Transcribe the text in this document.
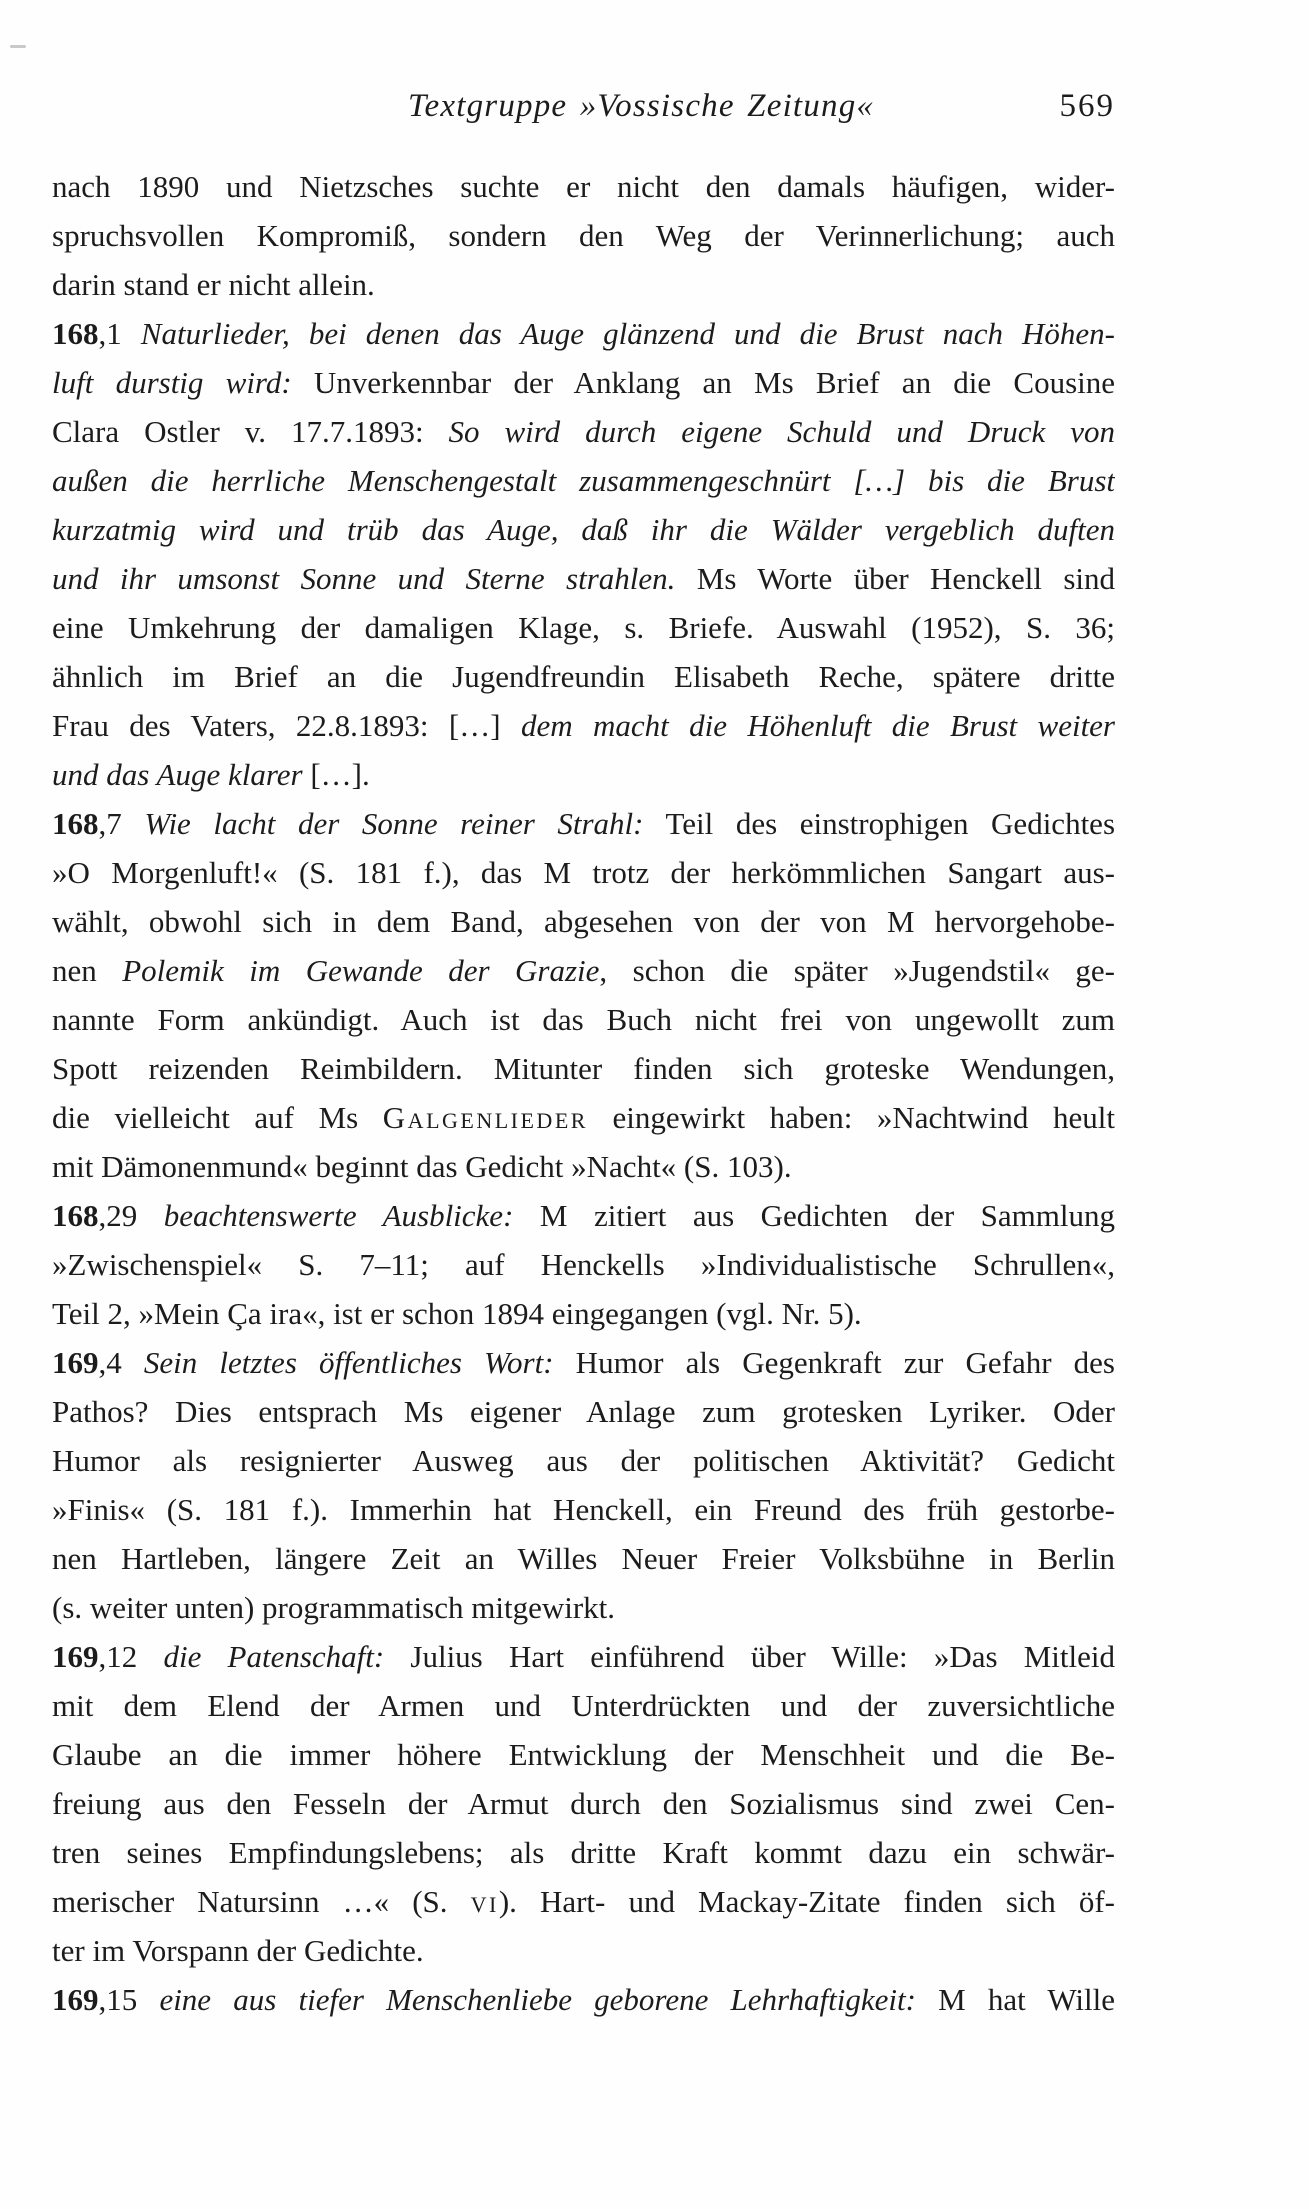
Textgruppe »Vossische Zeitung«	569
nach 1890 und Nietzsches suchte er nicht den damals häufigen, wider-
spruchsvollen Kompromiß, sondern den Weg der Verinnerlichung; auch
darin stand er nicht allein.
168,1 Naturlieder, bei denen das Auge glänzend und die Brust nach Höhen-
luft durstig wird: Unverkennbar der Anklang an Ms Brief an die Cousine
Clara Ostler v. 17.7.1893: So wird durch eigene Schuld und Druck von
außen die herrliche Menschengestalt zusammengeschnürt […] bis die Brust
kurzatmig wird und trüb das Auge, daß ihr die Wälder vergeblich duften
und ihr umsonst Sonne und Sterne strahlen. Ms Worte über Henckell sind
eine Umkehrung der damaligen Klage, s. Briefe. Auswahl (1952), S. 36;
ähnlich im Brief an die Jugendfreundin Elisabeth Reche, spätere dritte
Frau des Vaters, 22.8.1893: […] dem macht die Höhenluft die Brust weiter
und das Auge klarer […].
168,7 Wie lacht der Sonne reiner Strahl: Teil des einstrophigen Gedichtes
»O Morgenluft!« (S. 181 f.), das M trotz der herkömmlichen Sangart aus-
wählt, obwohl sich in dem Band, abgesehen von der von M hervorgehobe-
nen Polemik im Gewande der Grazie, schon die später »Jugendstil« ge-
nannte Form ankündigt. Auch ist das Buch nicht frei von ungewollt zum
Spott reizenden Reimbildern. Mitunter finden sich groteske Wendungen,
die vielleicht auf Ms Galgenlieder eingewirkt haben: »Nachtwind heult
mit Dämonenmund« beginnt das Gedicht »Nacht« (S. 103).
168,29 beachtenswerte Ausblicke: M zitiert aus Gedichten der Sammlung
»Zwischenspiel« S. 7–11; auf Henckells »Individualistische Schrullen«,
Teil 2, »Mein Ça ira«, ist er schon 1894 eingegangen (vgl. Nr. 5).
169,4 Sein letztes öffentliches Wort: Humor als Gegenkraft zur Gefahr des
Pathos? Dies entsprach Ms eigener Anlage zum grotesken Lyriker. Oder
Humor als resignierter Ausweg aus der politischen Aktivität? Gedicht
»Finis« (S. 181 f.). Immerhin hat Henckell, ein Freund des früh gestorbe-
nen Hartleben, längere Zeit an Willes Neuer Freier Volksbühne in Berlin
(s. weiter unten) programmatisch mitgewirkt.
169,12 die Patenschaft: Julius Hart einführend über Wille: »Das Mitleid
mit dem Elend der Armen und Unterdrückten und der zuversichtliche
Glaube an die immer höhere Entwicklung der Menschheit und die Be-
freiung aus den Fesseln der Armut durch den Sozialismus sind zwei Cen-
tren seines Empfindungslebens; als dritte Kraft kommt dazu ein schwär-
merischer Natursinn …« (S. vi). Hart- und Mackay-Zitate finden sich öf-
ter im Vorspann der Gedichte.
169,15 eine aus tiefer Menschenliebe geborene Lehrhaftigkeit: M hat Wille
